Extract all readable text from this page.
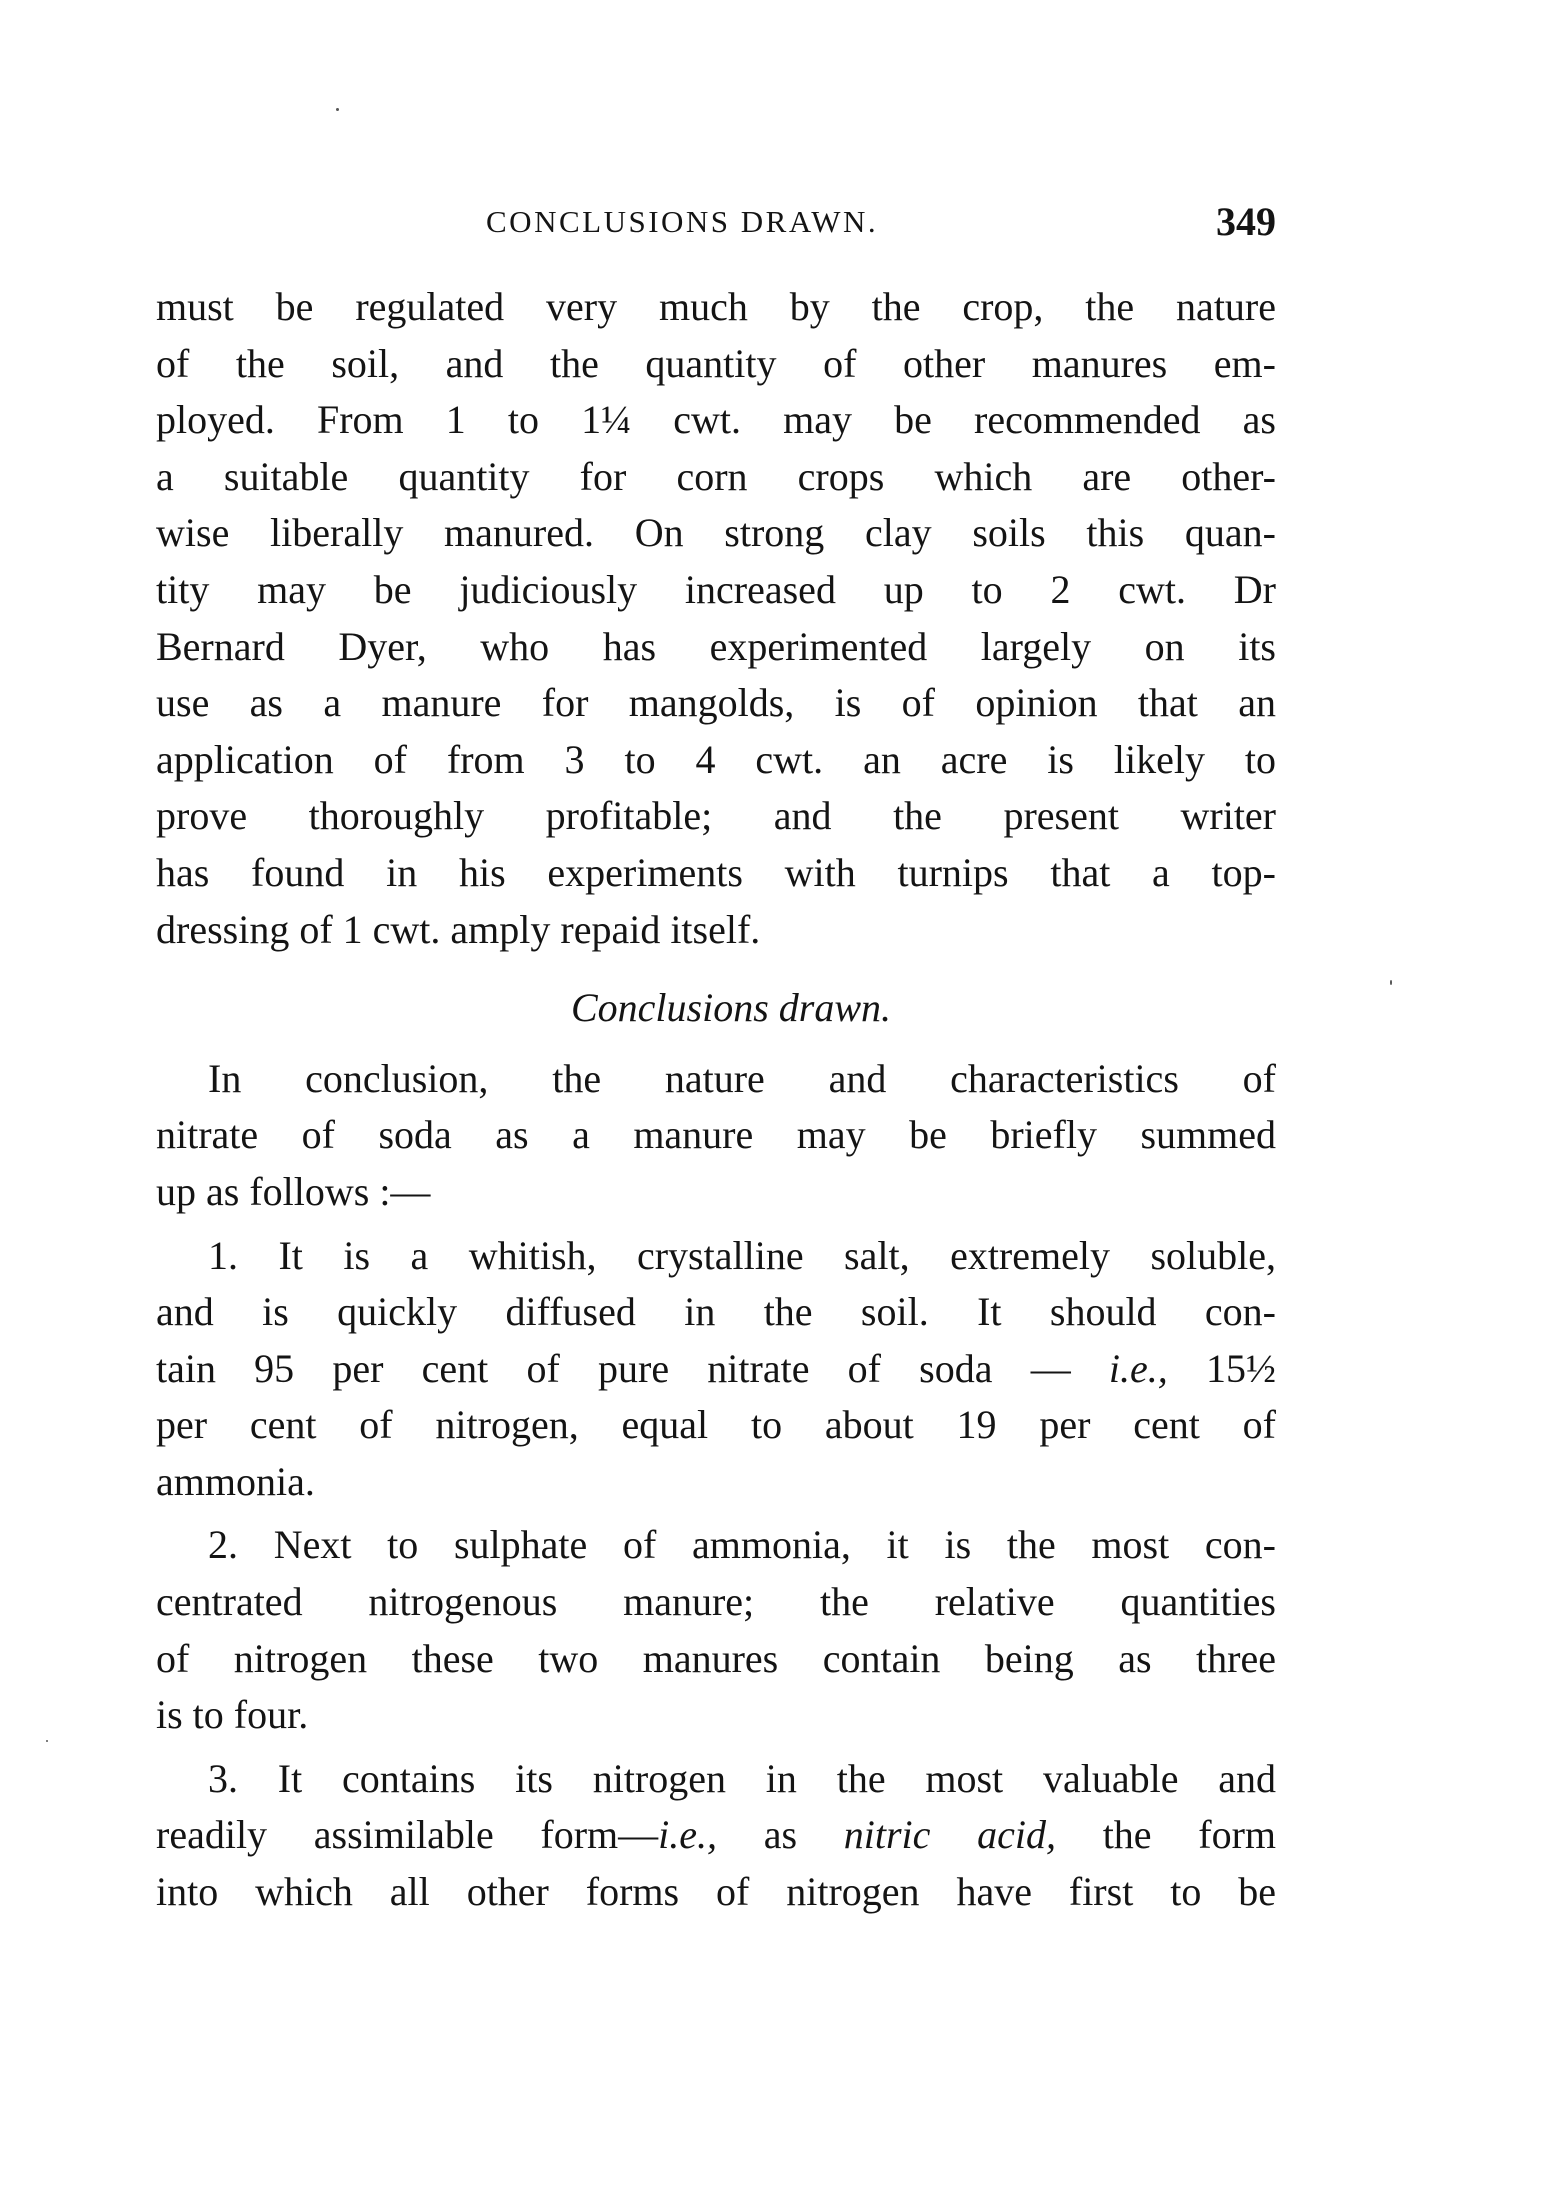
CONCLUSIONS DRAWN.	349
must be regulated very much by the crop, the nature
of the soil, and the quantity of other manures em-
ployed. From 1 to 1¼ cwt. may be recommended as
a suitable quantity for corn crops which are other-
wise liberally manured. On strong clay soils this quan-
tity may be judiciously increased up to 2 cwt. Dr
Bernard Dyer, who has experimented largely on its
use as a manure for mangolds, is of opinion that an
application of from 3 to 4 cwt. an acre is likely to
prove thoroughly profitable; and the present writer
has found in his experiments with turnips that a top-
dressing of 1 cwt. amply repaid itself.
Conclusions drawn.
In conclusion, the nature and characteristics of
nitrate of soda as a manure may be briefly summed
up as follows :—
1. It is a whitish, crystalline salt, extremely soluble,
and is quickly diffused in the soil. It should con-
tain 95 per cent of pure nitrate of soda — i.e., 15½
per cent of nitrogen, equal to about 19 per cent of
ammonia.
2. Next to sulphate of ammonia, it is the most con-
centrated nitrogenous manure; the relative quantities
of nitrogen these two manures contain being as three
is to four.
3. It contains its nitrogen in the most valuable and
readily assimilable form—i.e., as nitric acid, the form
into which all other forms of nitrogen have first to be
